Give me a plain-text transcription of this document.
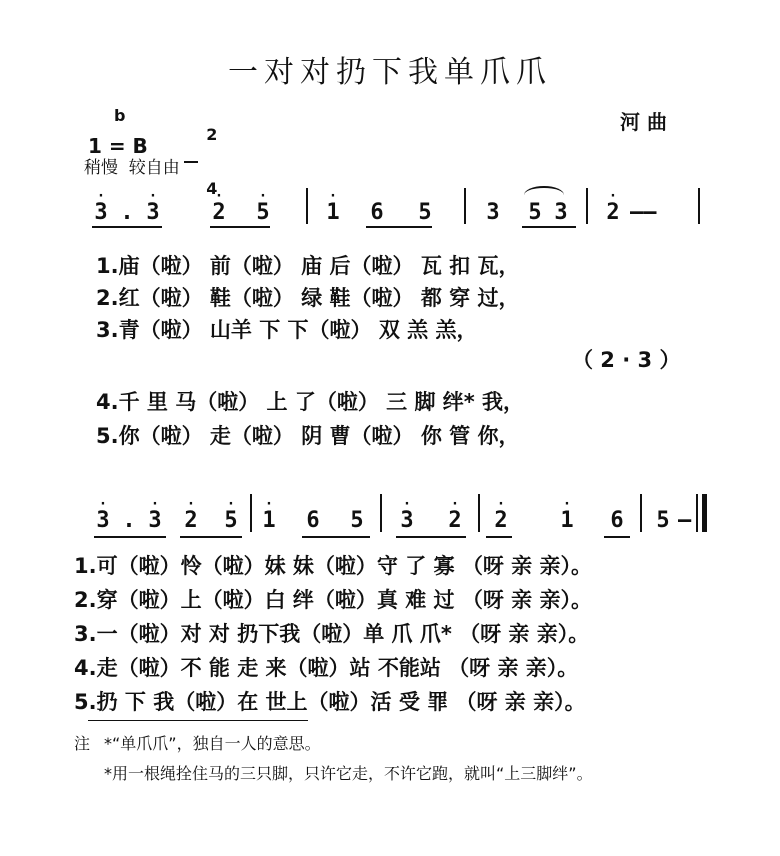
一对对扔下我单爪爪

1 = B

b

2

4

河 曲
稍慢  较自由
3
·
. 3
·
2
·
5
·
1
·
6	5	3	5 3	2
·
——
1.庙（啦） 前（啦） 庙 后（啦） 瓦 扣 瓦，
2.红（啦） 鞋（啦） 绿 鞋（啦） 都 穿 过，
3.青（啦） 山羊 下 下（啦） 双 羔 羔，
（ 2 · 3 ）
4.千 里 马（啦） 上 了（啦） 三 脚 绊* 我，
5.你（啦） 走（啦） 阴 曹（啦） 你 管 你，
3
·
. 3
·
2
·
5
·
1
·
6	5	3
·
2
·
2
·
1
·
6	5 —
1.可（啦）怜（啦）妹 妹（啦）守 了 寡 （呀 亲 亲）。
2.穿（啦）上（啦）白 绊（啦）真 难 过 （呀 亲 亲）。
3.一（啦）对 对 扔下我（啦）单 爪 爪* （呀 亲 亲）。
4.走（啦）不 能 走 来（啦）站 不能站 （呀 亲 亲）。
5.扔 下 我（啦）在 世上（啦）活 受 罪 （呀 亲 亲）。
注 *“单爪爪”，独自一人的意思。
*用一根绳拴住马的三只脚，只许它走，不许它跑，就叫“上三脚绊”。
